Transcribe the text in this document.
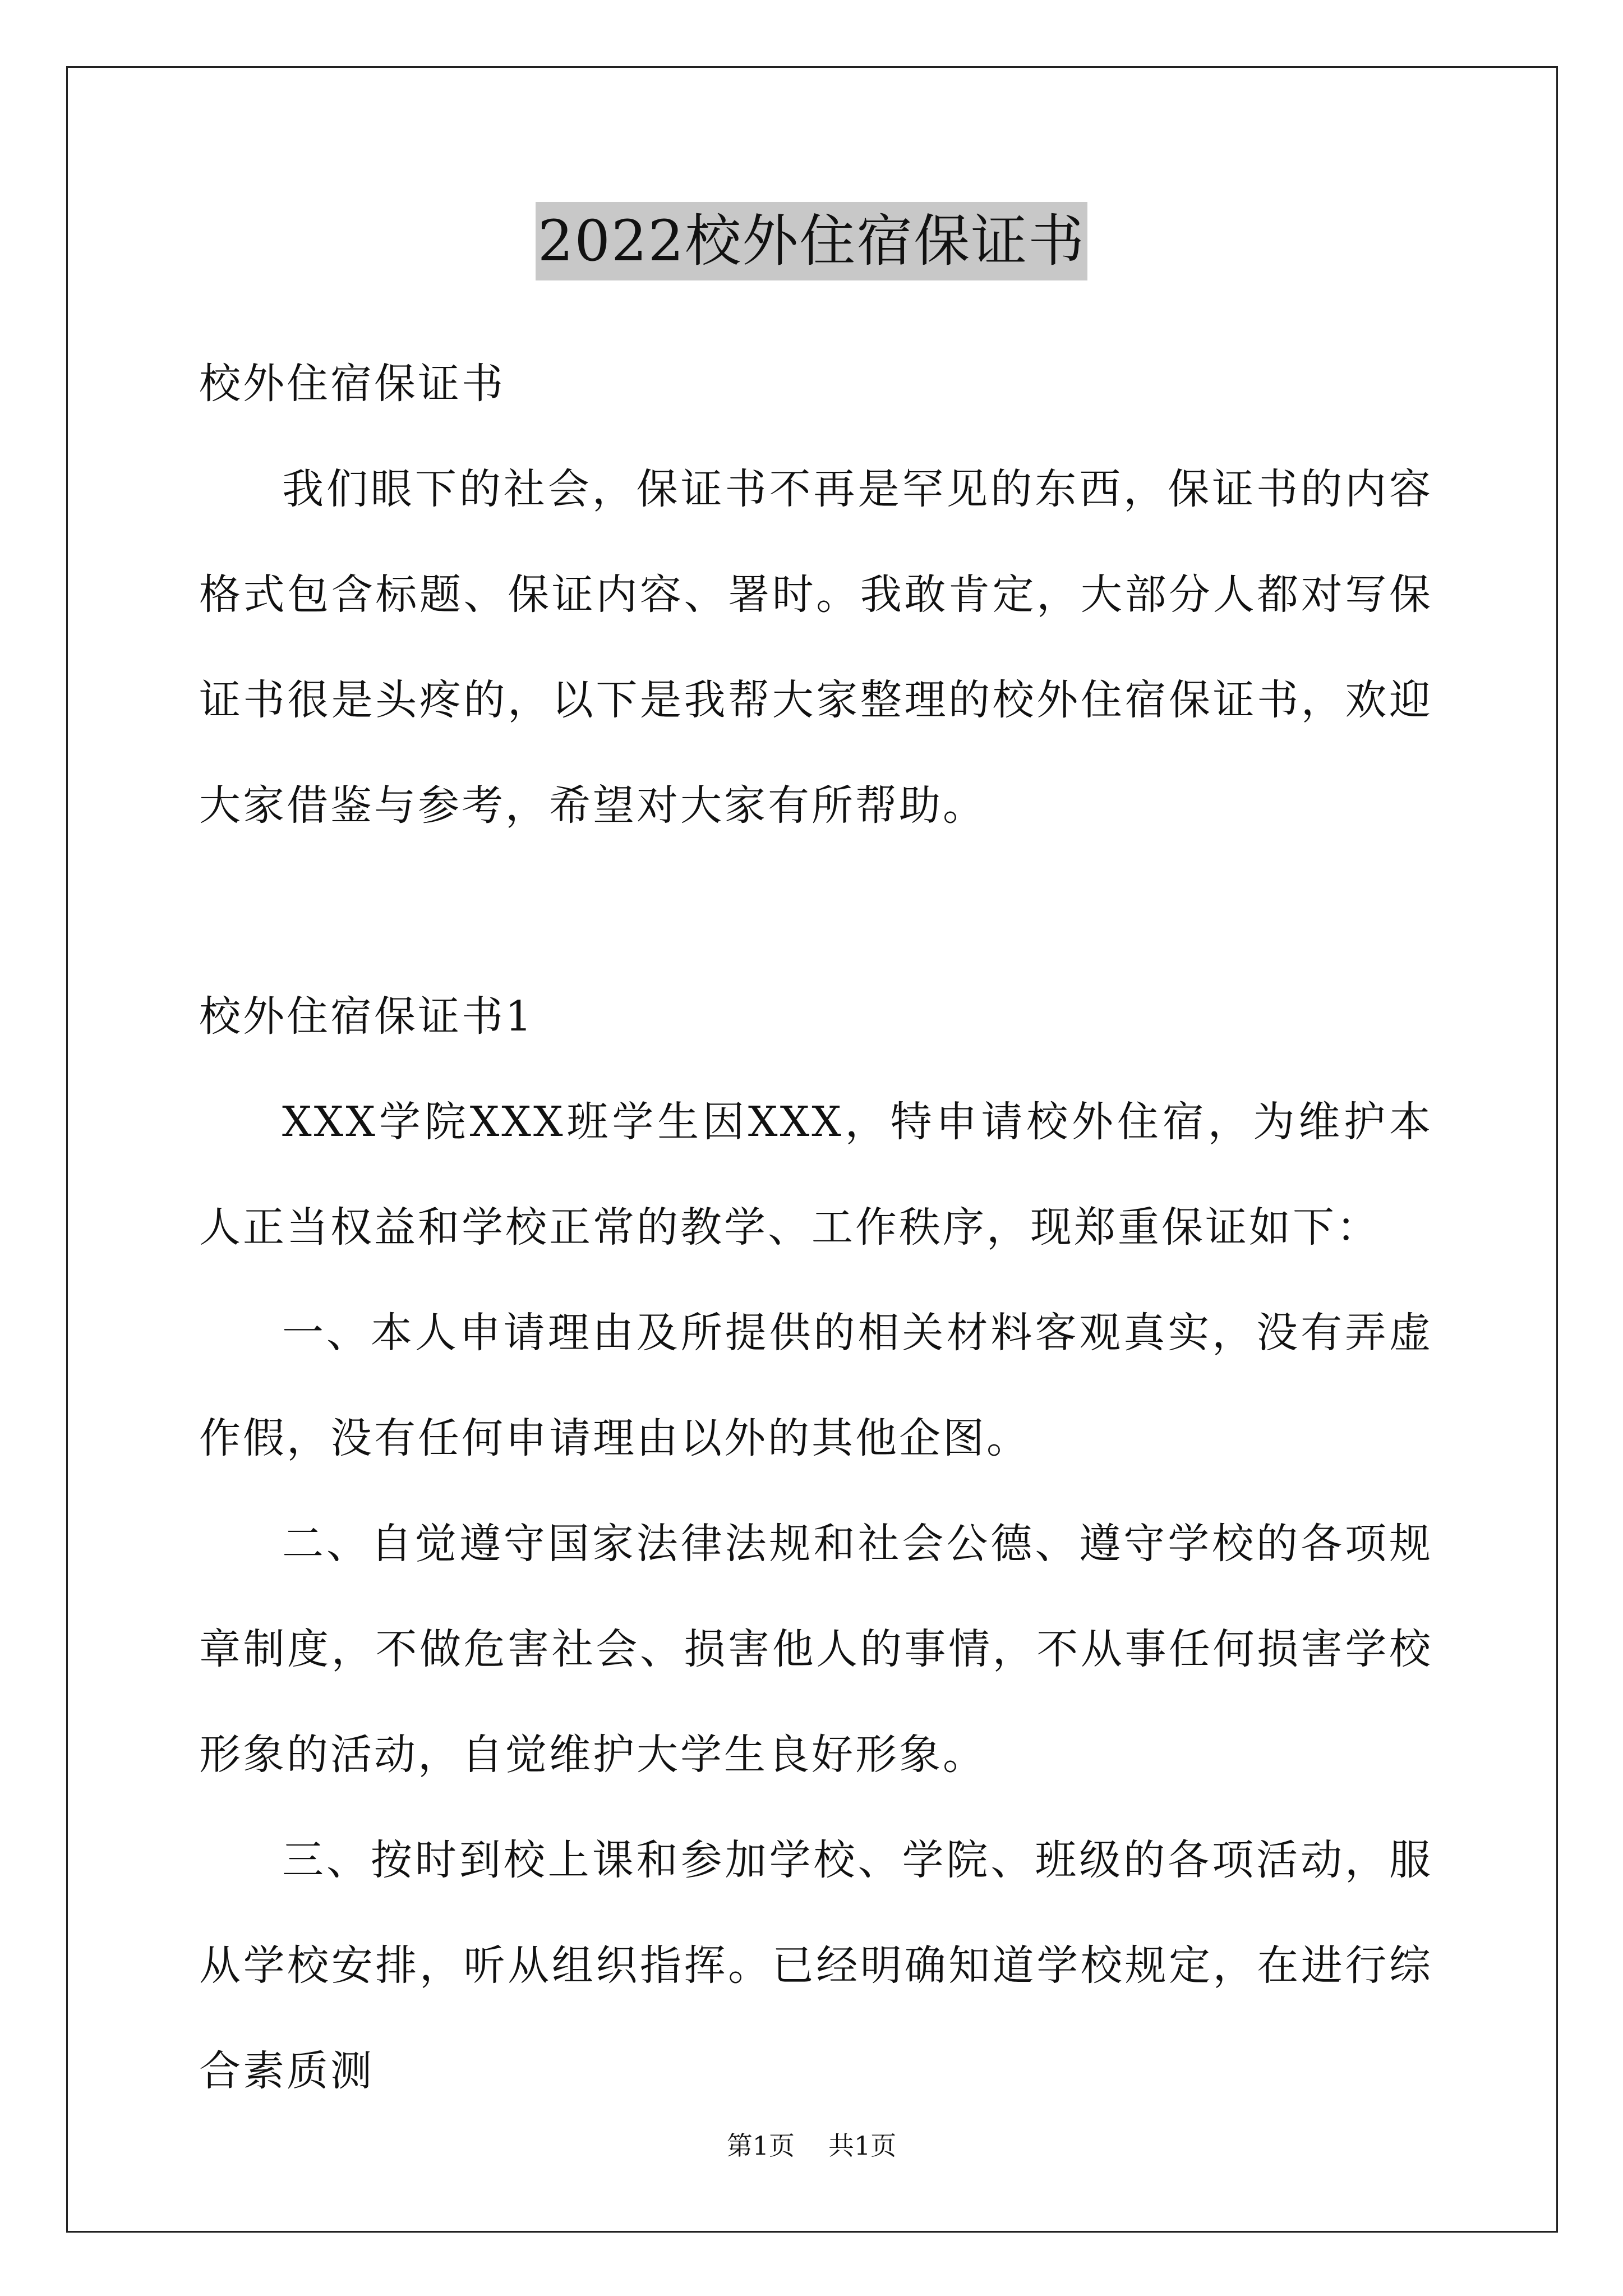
2022校外住宿保证书

校外住宿保证书

我们眼下的社会，保证书不再是罕见的东西，保证书的内容格式包含标题、保证内容、署时。我敢肯定，大部分人都对写保证书很是头疼的，以下是我帮大家整理的校外住宿保证书，欢迎大家借鉴与参考，希望对大家有所帮助。

校外住宿保证书1

XXX学院XXX班学生因XXX，特申请校外住宿，为维护本人正当权益和学校正常的教学、工作秩序，现郑重保证如下：

一、本人申请理由及所提供的相关材料客观真实，没有弄虚作假，没有任何申请理由以外的其他企图。

二、自觉遵守国家法律法规和社会公德、遵守学校的各项规章制度，不做危害社会、损害他人的事情，不从事任何损害学校形象的活动，自觉维护大学生良好形象。

三、按时到校上课和参加学校、学院、班级的各项活动，服从学校安排，听从组织指挥。已经明确知道学校规定，在进行综合素质测

第1页 共1页
